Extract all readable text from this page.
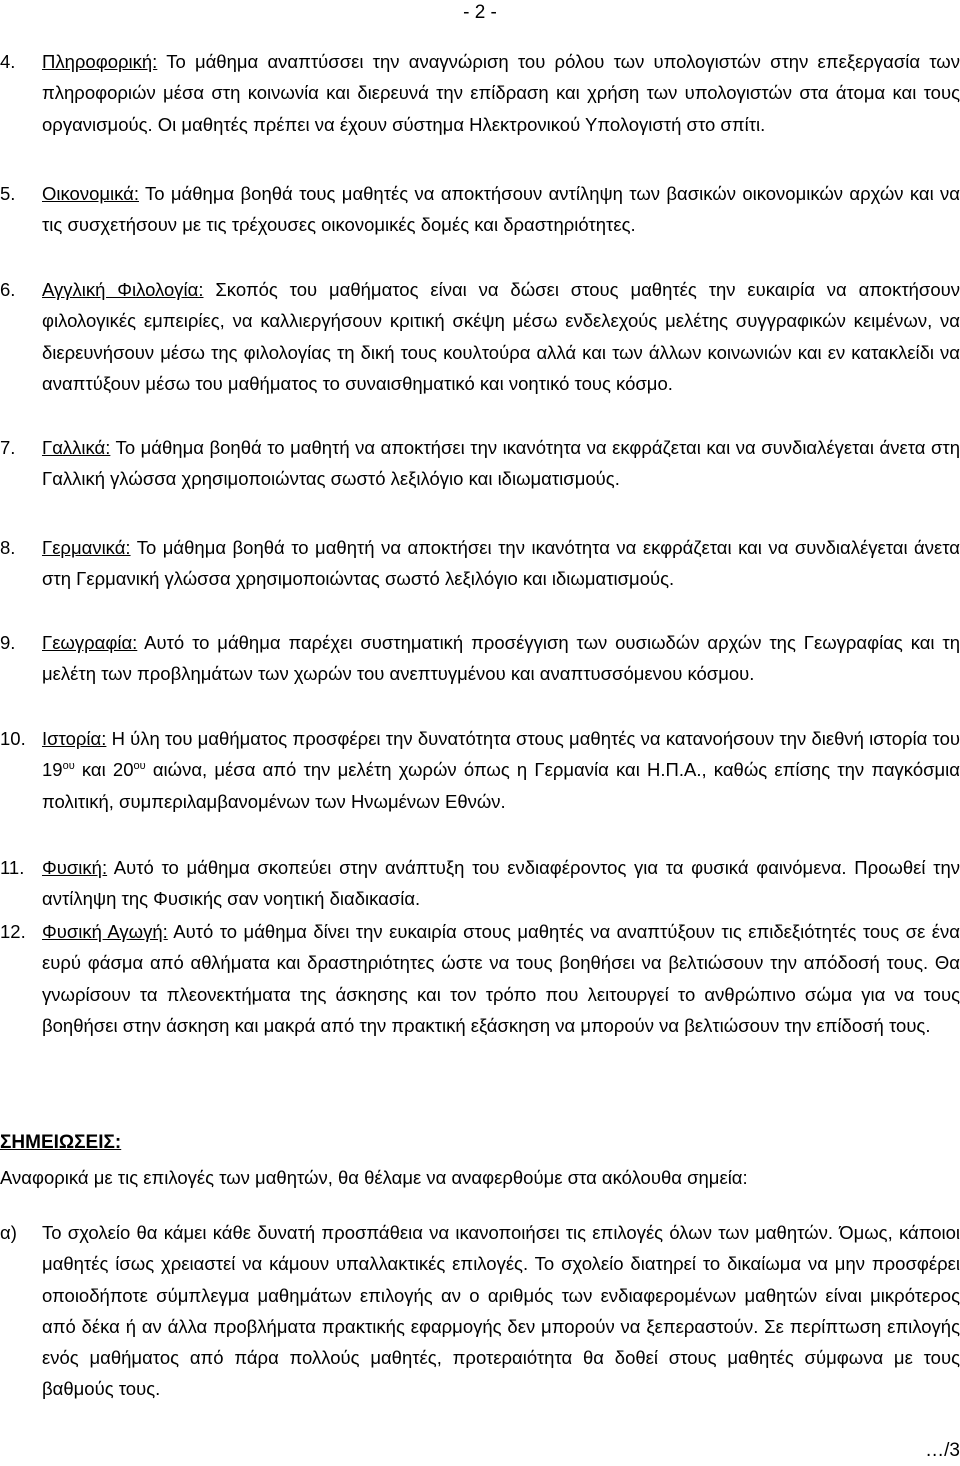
- 2 -
4. Πληροφορική: Το μάθημα αναπτύσσει την αναγνώριση του ρόλου των υπολογιστών στην επεξεργασία των πληροφοριών μέσα στη κοινωνία και διερευνά την επίδραση και χρήση των υπολογιστών στα άτομα και τους οργανισμούς. Οι μαθητές πρέπει να έχουν σύστημα Ηλεκτρονικού Υπολογιστή στο σπίτι.
5. Οικονομικά: Το μάθημα βοηθά τους μαθητές να αποκτήσουν αντίληψη των βασικών οικονομικών αρχών και να τις συσχετήσουν με τις τρέχουσες οικονομικές δομές και δραστηριότητες.
6. Αγγλική Φιλολογία: Σκοπός του μαθήματος είναι να δώσει στους μαθητές την ευκαιρία να αποκτήσουν φιλολογικές εμπειρίες, να καλλιεργήσουν κριτική σκέψη μέσω ενδελεχούς μελέτης συγγραφικών κειμένων, να διερευνήσουν μέσω της φιλολογίας τη δική τους κουλτούρα αλλά και των άλλων κοινωνιών και εν κατακλείδι να αναπτύξουν μέσω του μαθήματος το συναισθηματικό και νοητικό τους κόσμο.
7. Γαλλικά: Το μάθημα βοηθά το μαθητή να αποκτήσει την ικανότητα να εκφράζεται και να συνδιαλέγεται άνετα στη Γαλλική γλώσσα χρησιμοποιώντας σωστό λεξιλόγιο και ιδιωματισμούς.
8. Γερμανικά: Το μάθημα βοηθά το μαθητή να αποκτήσει την ικανότητα να εκφράζεται και να συνδιαλέγεται άνετα στη Γερμανική γλώσσα χρησιμοποιώντας σωστό λεξιλόγιο και ιδιωματισμούς.
9. Γεωγραφία: Αυτό το μάθημα παρέχει συστηματική προσέγγιση των ουσιωδών αρχών της Γεωγραφίας και τη μελέτη των προβλημάτων των χωρών του ανεπτυγμένου και αναπτυσσόμενου κόσμου.
10. Ιστορία: Η ύλη του μαθήματος προσφέρει την δυνατότητα στους μαθητές να κατανοήσουν την διεθνή ιστορία του $19^{o\upsilon}$ και $20^{o\upsilon}$ αιώνα, μέσα από την μελέτη χωρών όπως η Γερμανία και Η.Π.Α., καθώς επίσης την παγκόσμια πολιτική, συμπεριλαμβανομένων των Ηνωμένων Εθνών.
11. Φυσική: Αυτό το μάθημα σκοπεύει στην ανάπτυξη του ενδιαφέροντος για τα φυσικά φαινόμενα. Προωθεί την αντίληψη της Φυσικής σαν νοητική διαδικασία.
12. Φυσική Αγωγή: Αυτό το μάθημα δίνει την ευκαιρία στους μαθητές να αναπτύξουν τις επιδεξιότητές τους σε ένα ευρύ φάσμα από αθλήματα και δραστηριότητες ώστε να τους βοηθήσει να βελτιώσουν την απόδοσή τους. Θα γνωρίσουν τα πλεονεκτήματα της άσκησης και τον τρόπο που λειτουργεί το ανθρώπινο σώμα για να τους βοηθήσει στην άσκηση και μακρά από την πρακτική εξάσκηση να μπορούν να βελτιώσουν την επίδοσή τους.
ΣΗΜΕΙΩΣΕΙΣ:
Αναφορικά με τις επιλογές των μαθητών, θα θέλαμε να αναφερθούμε στα ακόλουθα σημεία:
α) Το σχολείο θα κάμει κάθε δυνατή προσπάθεια να ικανοποιήσει τις επιλογές όλων των μαθητών. Όμως, κάποιοι μαθητές ίσως χρειαστεί να κάμουν υπαλλακτικές επιλογές. Το σχολείο διατηρεί το δικαίωμα να μην προσφέρει οποιοδήποτε σύμπλεγμα μαθημάτων επιλογής αν ο αριθμός των ενδιαφερομένων μαθητών είναι μικρότερος από δέκα ή αν άλλα προβλήματα πρακτικής εφαρμογής δεν μπορούν να ξεπεραστούν. Σε περίπτωση επιλογής ενός μαθήματος από πάρα πολλούς μαθητές, προτεραιότητα θα δοθεί στους μαθητές σύμφωνα με τους βαθμούς τους.
…/3
